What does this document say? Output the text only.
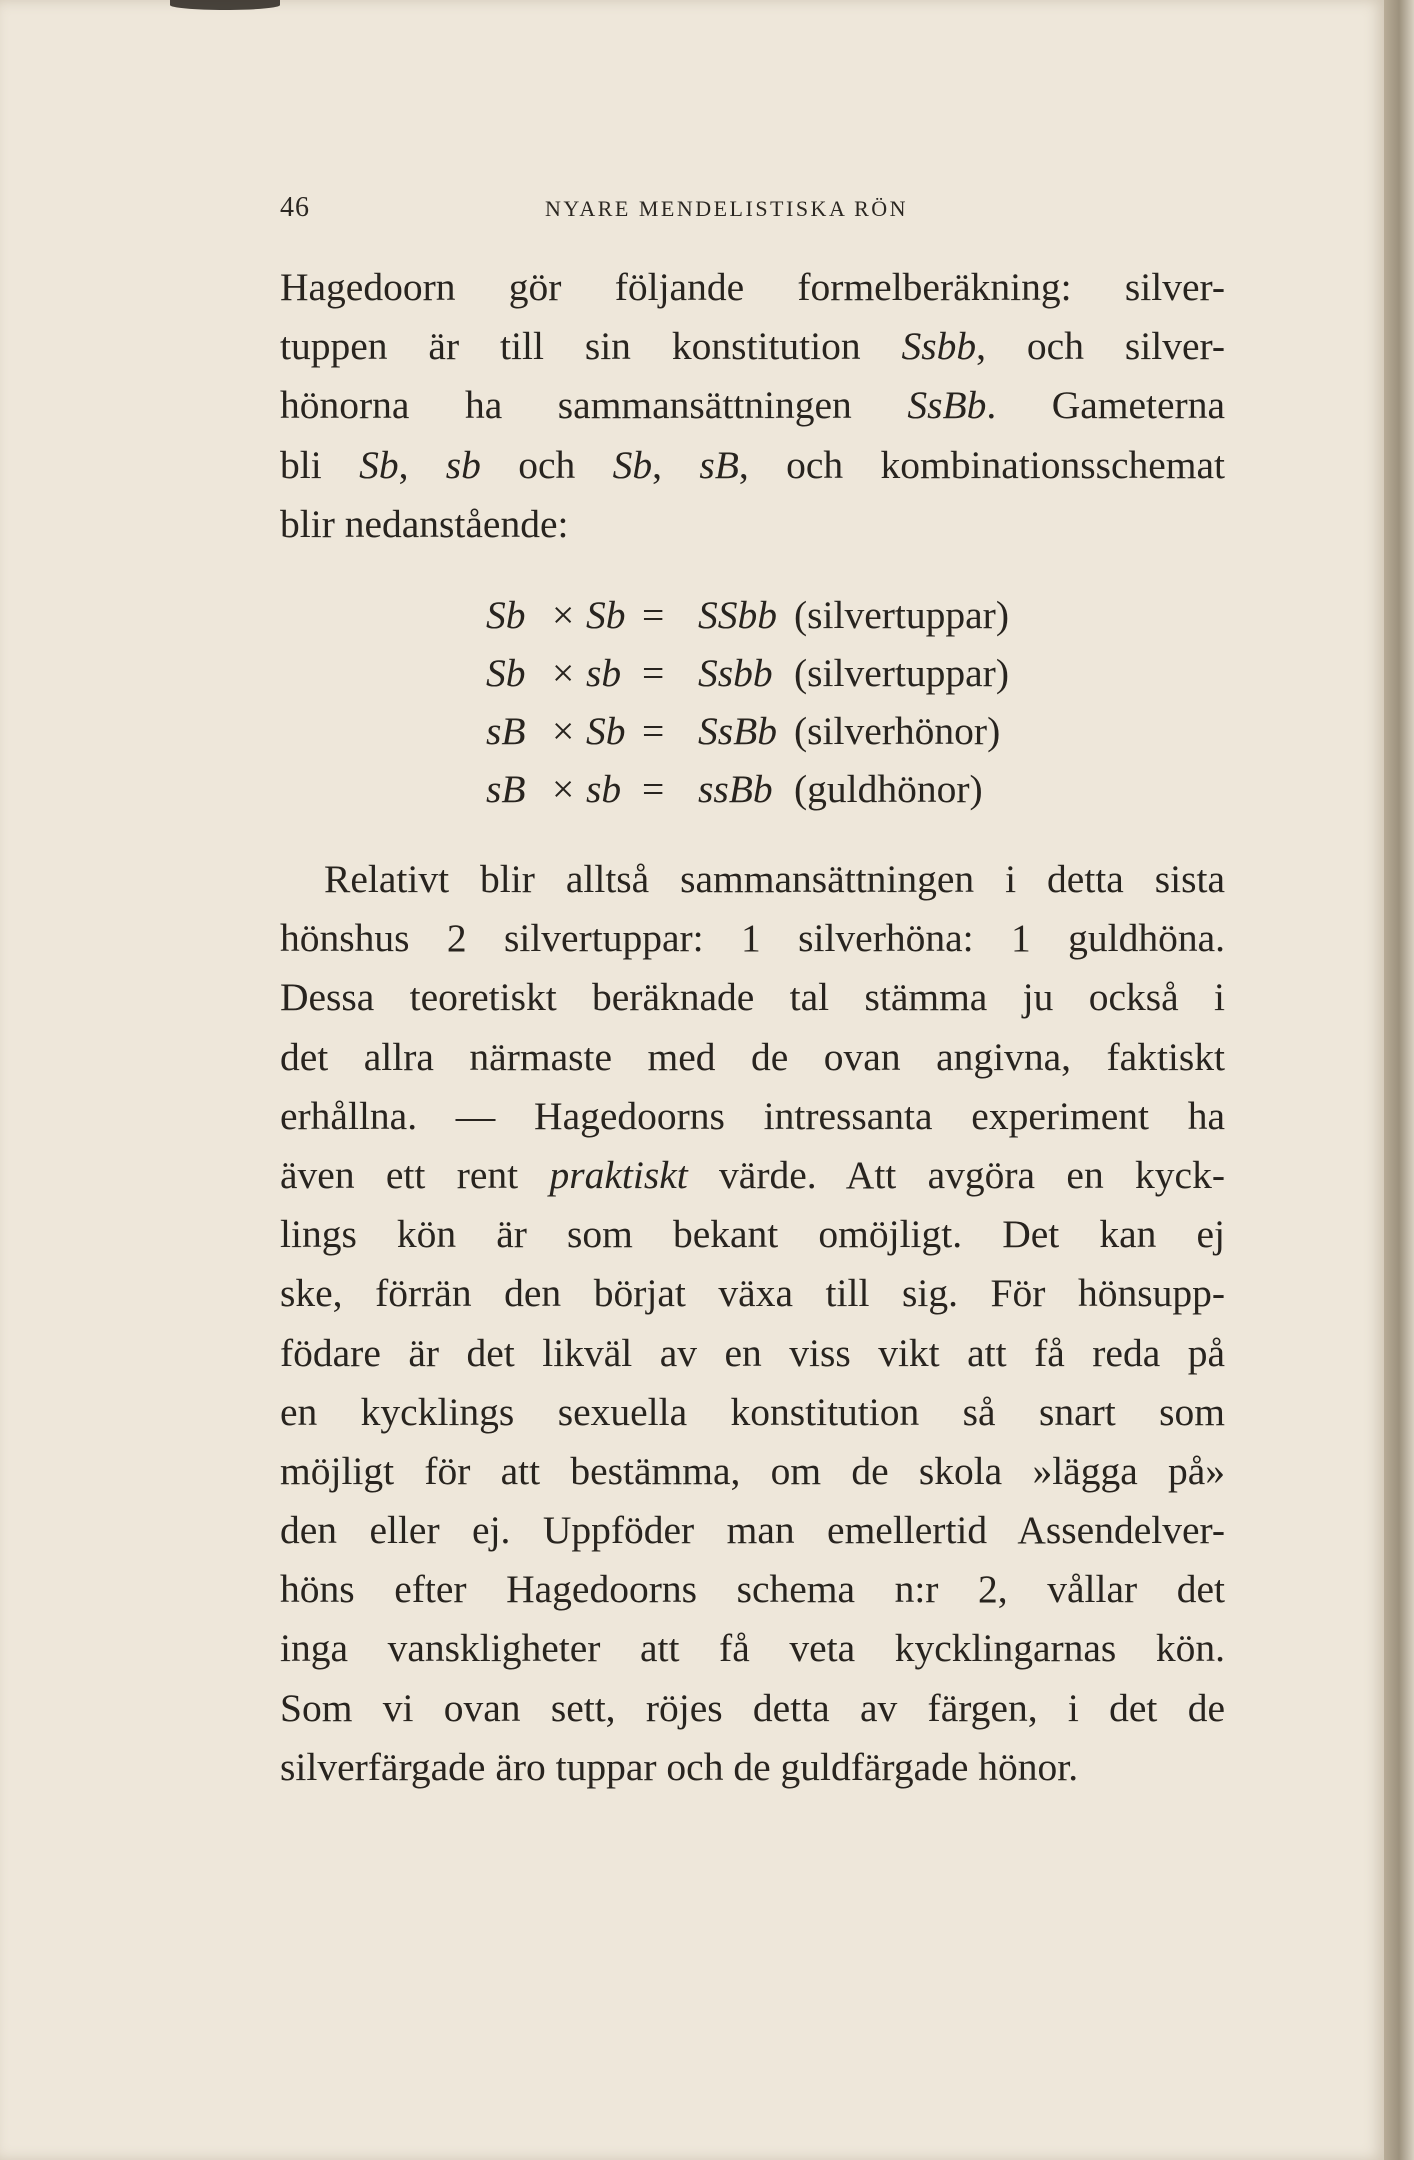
46	NYARE MENDELISTISKA RÖN

Hagedoorn gör följande formelberäkning: silver-
tuppen är till sin konstitution Ssbb, och silver-
hönorna ha sammansättningen SsBb. Gameterna
bli Sb, sb och Sb, sB, och kombinationsschemat
blir nedanstående:

Sb × Sb = SSbb (silvertuppar)
Sb × sb = Ssbb (silvertuppar)
sB × Sb = SsBb (silverhönor)
sB × sb = ssBb (guldhönor)

Relativt blir alltså sammansättningen i detta sista
hönshus 2 silvertuppar: 1 silverhöna: 1 guldhöna.
Dessa teoretiskt beräknade tal stämma ju också i
det allra närmaste med de ovan angivna, faktiskt
erhållna. — Hagedoorns intressanta experiment ha
även ett rent praktiskt värde. Att avgöra en kyck-
lings kön är som bekant omöjligt. Det kan ej
ske, förrän den börjat växa till sig. För hönsupp-
födare är det likväl av en viss vikt att få reda på
en kycklings sexuella konstitution så snart som
möjligt för att bestämma, om de skola »lägga på»
den eller ej. Uppföder man emellertid Assendelver-
höns efter Hagedoorns schema n:r 2, vållar det
inga vanskligheter att få veta kycklingarnas kön.
Som vi ovan sett, röjes detta av färgen, i det de
silverfärgade äro tuppar och de guldfärgade hönor.
